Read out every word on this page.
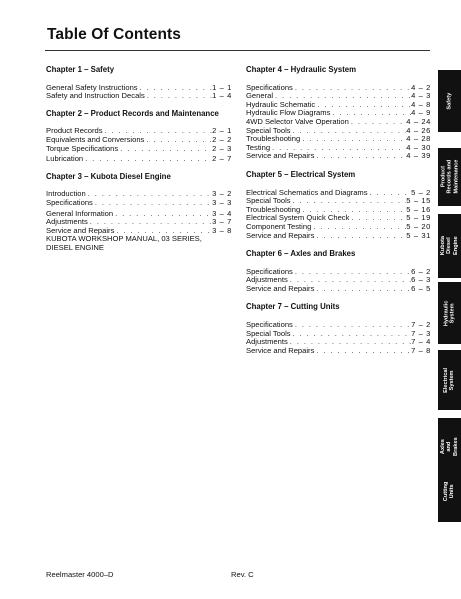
Table Of Contents
Chapter 1 – Safety
General Safety Instructions . . .	1 – 1
Safety and Instruction Decals . . .	1 – 4
Chapter 2 – Product Records and Maintenance
Product Records . . .	2 – 1
Equivalents and Conversions . . .	2 – 2
Torque Specifications . . .	2 – 3
Lubrication . . .	2 – 7
Chapter 3 – Kubota Diesel Engine
Introduction . . .	3 – 2
Specifications . . .	3 – 3
General Information . . .	3 – 4
Adjustments . . .	3 – 7
Service and Repairs . . .	3 – 8
KUBOTA WORKSHOP MANUAL, 03 SERIES, DIESEL ENGINE
Chapter 4 – Hydraulic System
Specifications . . .	4 – 2
General . . .	4 – 3
Hydraulic Schematic . . .	4 – 8
Hydraulic Flow Diagrams . . .	4 – 9
4WD Selector Valve Operation . . .	4 – 24
Special Tools . . .	4 – 26
Troubleshooting . . .	4 – 28
Testing . . .	4 – 30
Service and Repairs . . .	4 – 39
Chapter 5 – Electrical System
Electrical Schematics and Diagrams . . .	5 – 2
Special Tools . . .	5 – 15
Troubleshooting . . .	5 – 16
Electrical System Quick Check . . .	5 – 19
Component Testing . . .	5 – 20
Service and Repairs . . .	5 – 31
Chapter 6 – Axles and Brakes
Specifications . . .	6 – 2
Adjustments . . .	6 – 3
Service and Repairs . . .	6 – 5
Chapter 7 – Cutting Units
Specifications . . .	7 – 2
Special Tools . . .	7 – 3
Adjustments . . .	7 – 4
Service and Repairs . . .	7 – 8
Safety
Product Records and Maintenance
Kubota Diesel Engine
Hydraulic System
Electrical System
Axles and Brakes
Cutting Units
Reelmaster 4000–D	Rev. C
